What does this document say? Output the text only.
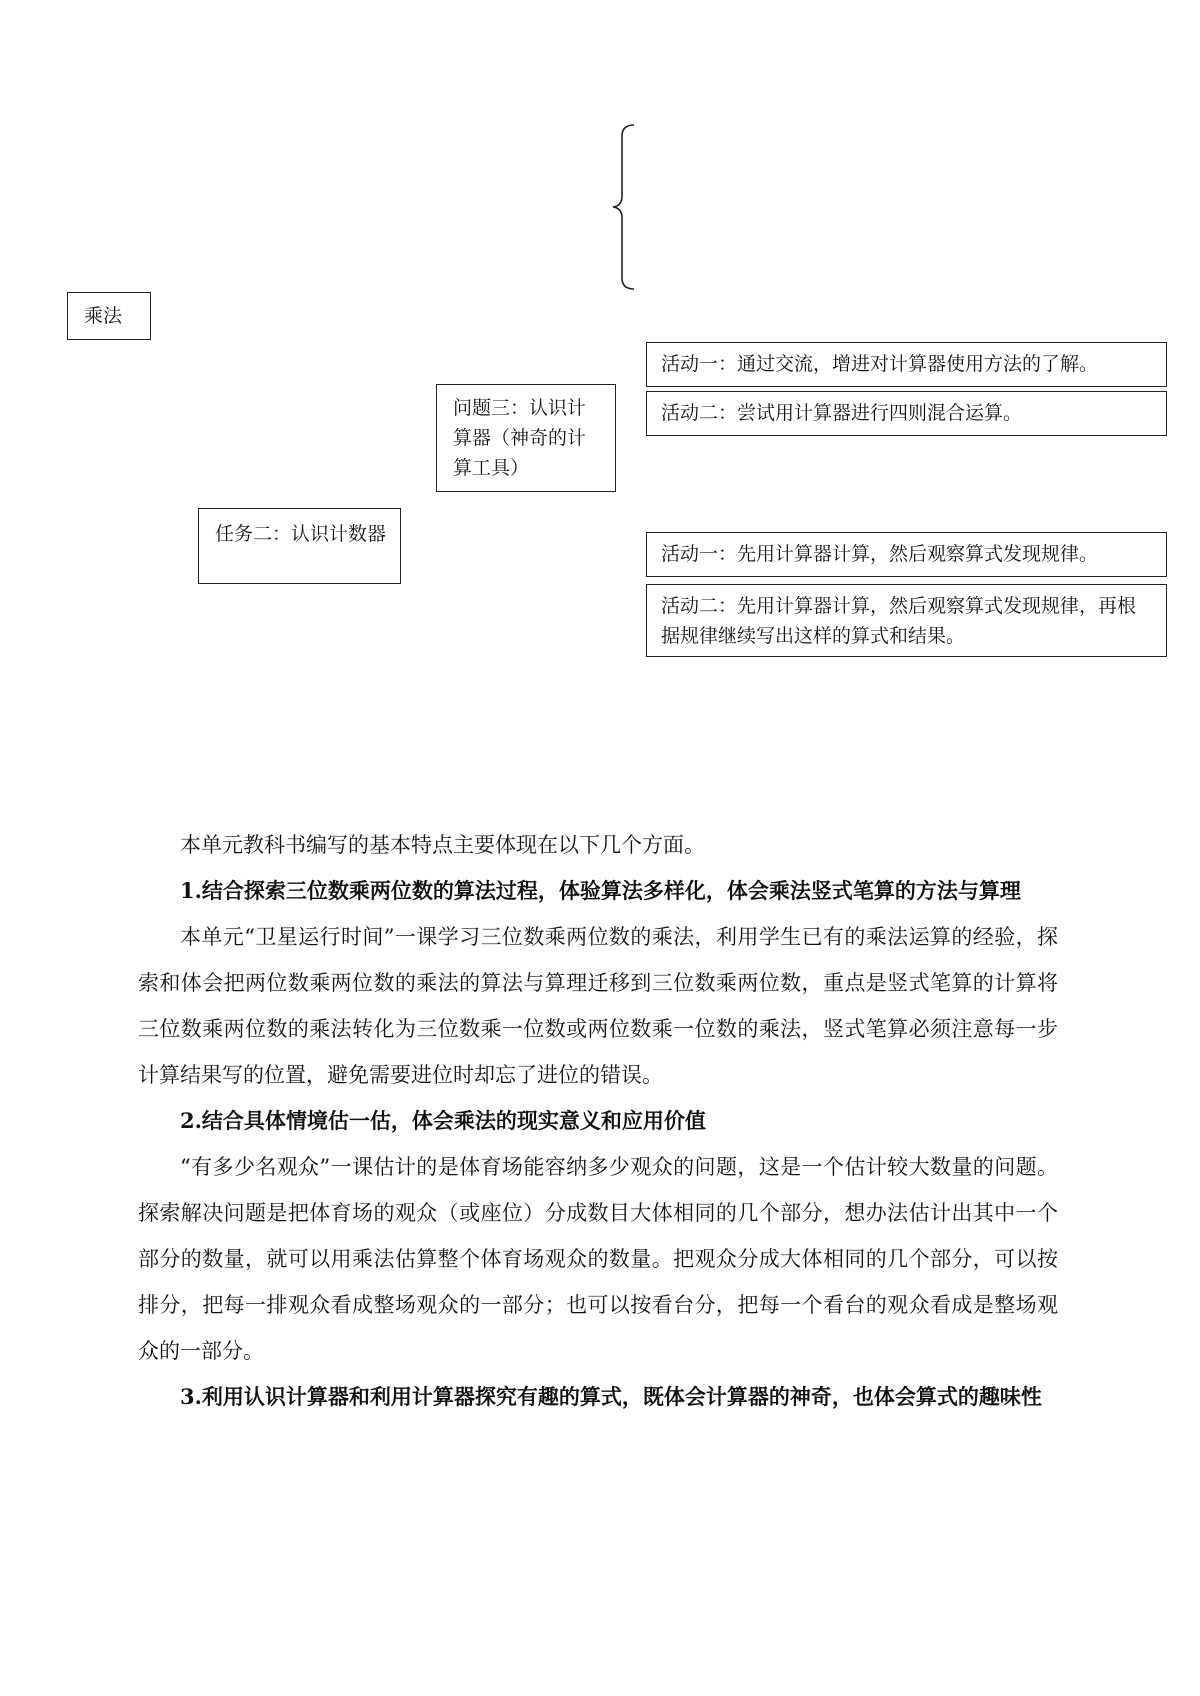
乘法
问题三：认识计算器（神奇的计算工具）
任务二：认识计数器
活动一：通过交流，增进对计算器使用方法的了解。
活动二：尝试用计算器进行四则混合运算。
活动一：先用计算器计算，然后观察算式发现规律。
活动二：先用计算器计算，然后观察算式发现规律，再根据规律继续写出这样的算式和结果。

本单元教科书编写的基本特点主要体现在以下几个方面。

1.结合探索三位数乘两位数的算法过程，体验算法多样化，体会乘法竖式笔算的方法与算理

本单元“卫星运行时间”一课学习三位数乘两位数的乘法，利用学生已有的乘法运算的经验，探索和体会把两位数乘两位数的乘法的算法与算理迁移到三位数乘两位数，重点是竖式笔算的计算将三位数乘两位数的乘法转化为三位数乘一位数或两位数乘一位数的乘法，竖式笔算必须注意每一步计算结果写的位置，避免需要进位时却忘了进位的错误。

2.结合具体情境估一估，体会乘法的现实意义和应用价值

“有多少名观众”一课估计的是体育场能容纳多少观众的问题，这是一个估计较大数量的问题。探索解决问题是把体育场的观众（或座位）分成数目大体相同的几个部分，想办法估计出其中一个部分的数量，就可以用乘法估算整个体育场观众的数量。把观众分成大体相同的几个部分，可以按排分，把每一排观众看成整场观众的一部分；也可以按看台分，把每一个看台的观众看成是整场观众的一部分。

3.利用认识计算器和利用计算器探究有趣的算式，既体会计算器的神奇，也体会算式的趣味性
